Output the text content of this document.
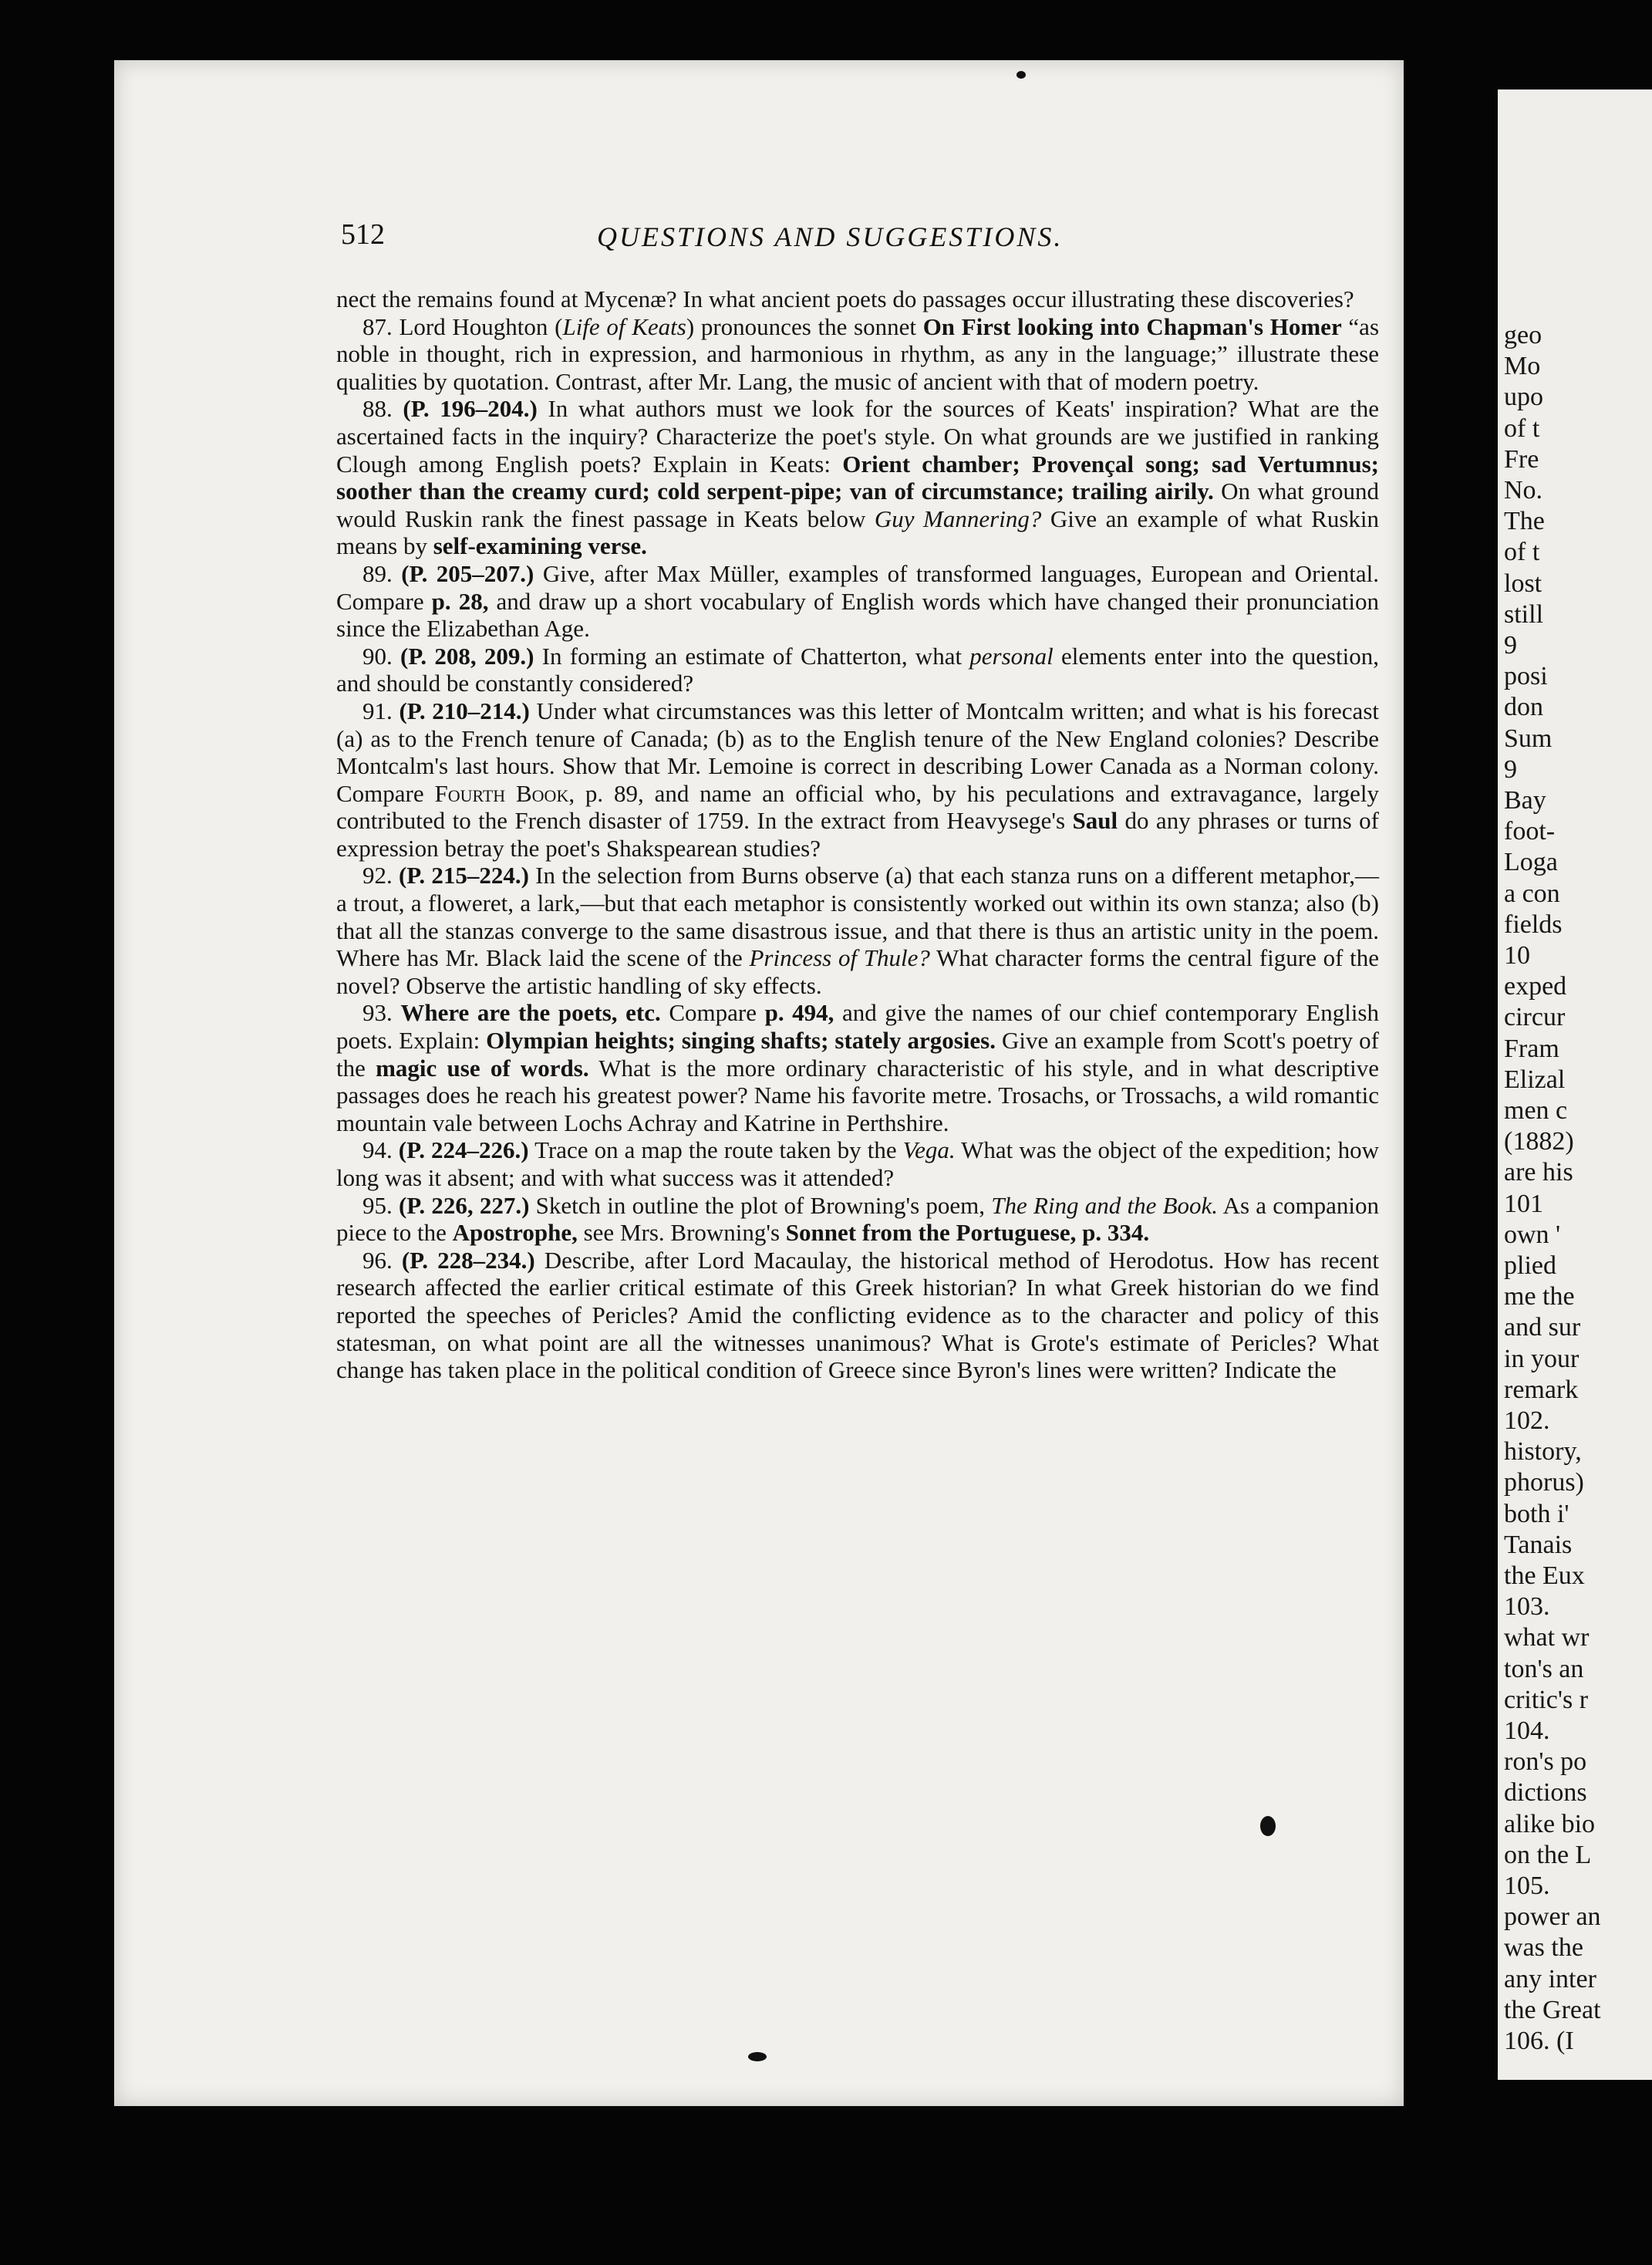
geo
Mo
upo
of t
Fre
No.
The
of t
lost
still
9
posi
don
Sum
9
Bay
foot-
Loga
a con
fields
10
exped
circur
Fram
Elizal
men c
(1882)
are his
101
own '
plied
me the
and sur
in your
remark
102.
history,
phorus)
both i'
Tanais
the Eux
103.
what wr
ton's an
critic's r
104.
ron's po
dictions
alike bio
on the L
105.
power an
was the
any inter
the Great
106. (I
512	QUESTIONS AND SUGGESTIONS.

nect the remains found at Mycenæ? In what ancient poets do passages occur illustrating these discoveries?

87. Lord Houghton (Life of Keats) pronounces the sonnet On First looking into Chapman's Homer “as noble in thought, rich in expression, and harmonious in rhythm, as any in the language;” illustrate these qualities by quotation. Contrast, after Mr. Lang, the music of ancient with that of modern poetry.

88. (P. 196–204.) In what authors must we look for the sources of Keats' inspiration? What are the ascertained facts in the inquiry? Characterize the poet's style. On what grounds are we justified in ranking Clough among English poets? Explain in Keats: Orient chamber; Provençal song; sad Vertumnus; soother than the creamy curd; cold serpent-pipe; van of circumstance; trailing airily. On what ground would Ruskin rank the finest passage in Keats below Guy Mannering? Give an example of what Ruskin means by self-examining verse.

89. (P. 205–207.) Give, after Max Müller, examples of transformed languages, European and Oriental. Compare p. 28, and draw up a short vocabulary of English words which have changed their pronunciation since the Elizabethan Age.

90. (P. 208, 209.) In forming an estimate of Chatterton, what personal elements enter into the question, and should be constantly considered?

91. (P. 210–214.) Under what circumstances was this letter of Montcalm written; and what is his forecast (a) as to the French tenure of Canada; (b) as to the English tenure of the New England colonies? Describe Montcalm's last hours. Show that Mr. Lemoine is correct in describing Lower Canada as a Norman colony. Compare Fourth Book, p. 89, and name an official who, by his peculations and extravagance, largely contributed to the French disaster of 1759. In the extract from Heavysege's Saul do any phrases or turns of expression betray the poet's Shakspearean studies?

92. (P. 215–224.) In the selection from Burns observe (a) that each stanza runs on a different metaphor,—a trout, a floweret, a lark,—but that each metaphor is consistently worked out within its own stanza; also (b) that all the stanzas converge to the same disastrous issue, and that there is thus an artistic unity in the poem. Where has Mr. Black laid the scene of the Princess of Thule? What character forms the central figure of the novel? Observe the artistic handling of sky effects.

93. Where are the poets, etc. Compare p. 494, and give the names of our chief contemporary English poets. Explain: Olympian heights; singing shafts; stately argosies. Give an example from Scott's poetry of the magic use of words. What is the more ordinary characteristic of his style, and in what descriptive passages does he reach his greatest power? Name his favorite metre. Trosachs, or Trossachs, a wild romantic mountain vale between Lochs Achray and Katrine in Perthshire.

94. (P. 224–226.) Trace on a map the route taken by the Vega. What was the object of the expedition; how long was it absent; and with what success was it attended?

95. (P. 226, 227.) Sketch in outline the plot of Browning's poem, The Ring and the Book. As a companion piece to the Apostrophe, see Mrs. Browning's Sonnet from the Portuguese, p. 334.

96. (P. 228–234.) Describe, after Lord Macaulay, the historical method of Herodotus. How has recent research affected the earlier critical estimate of this Greek historian? In what Greek historian do we find reported the speeches of Pericles? Amid the conflicting evidence as to the character and policy of this statesman, on what point are all the witnesses unanimous? What is Grote's estimate of Pericles? What change has taken place in the political condition of Greece since Byron's lines were written? Indicate the
